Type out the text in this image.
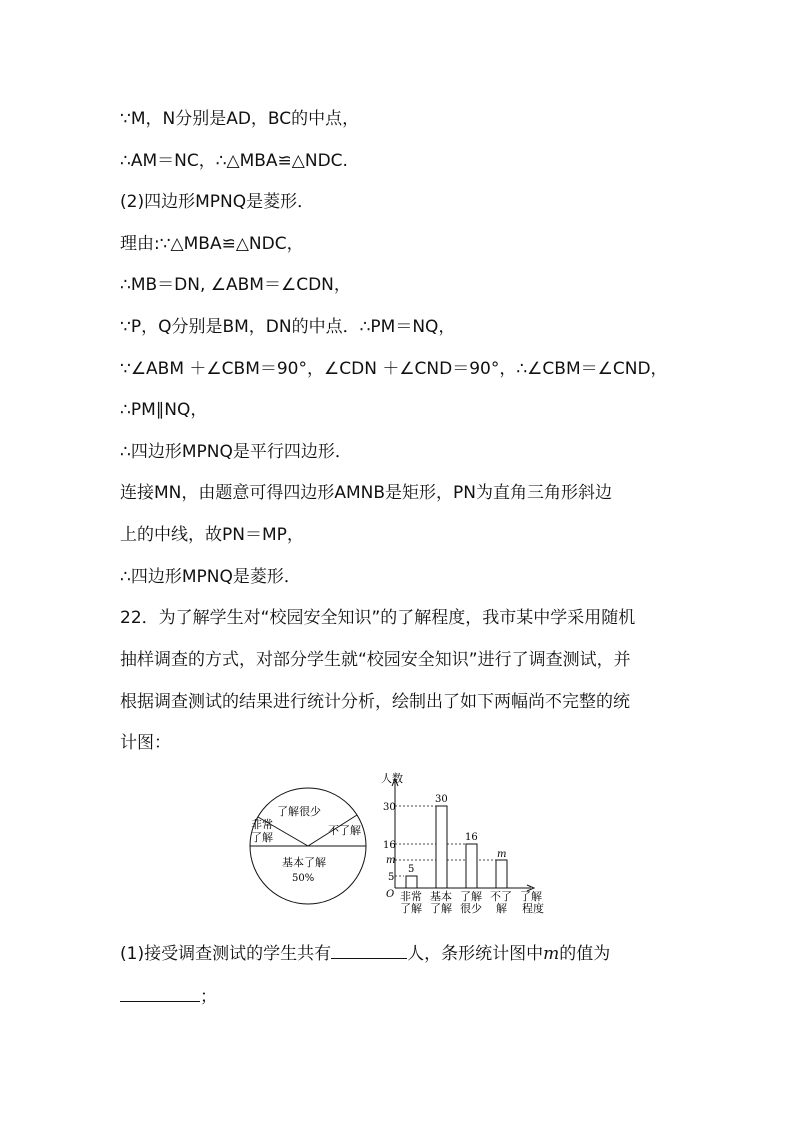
∵M，N分别是AD，BC的中点，
∴AM＝NC，∴△MBA≌△NDC.
(2)四边形MPNQ是菱形．
理由:∵△MBA≌△NDC，
∴MB＝DN, ∠ABM＝∠CDN，
∵P，Q分别是BM，DN的中点．∴PM＝NQ，
∵∠ABM ＋∠CBM＝90°，∠CDN ＋∠CND＝90°，∴∠CBM＝∠CND，
∴PM∥NQ，
∴四边形MPNQ是平行四边形．
连接MN，由题意可得四边形AMNB是矩形，PN为直角三角形斜边
上的中线，故PN＝MP，
∴四边形MPNQ是菱形．
22．为了解学生对“校园安全知识”的了解程度，我市某中学采用随机
抽样调查的方式，对部分学生就“校园安全知识”进行了调查测试，并
根据调查测试的结果进行统计分析，绘制出了如下两幅尚不完整的统
计图：
了解很少
非常
了解
不了解
基本了解
50%
人数
O	了解
程度
30
16
m
5
5
30
16
m
非常
了解
基本
了解
了解
很少
不了
解
(1)接受调查测试的学生共有	人，条形统计图中m的值为
；
